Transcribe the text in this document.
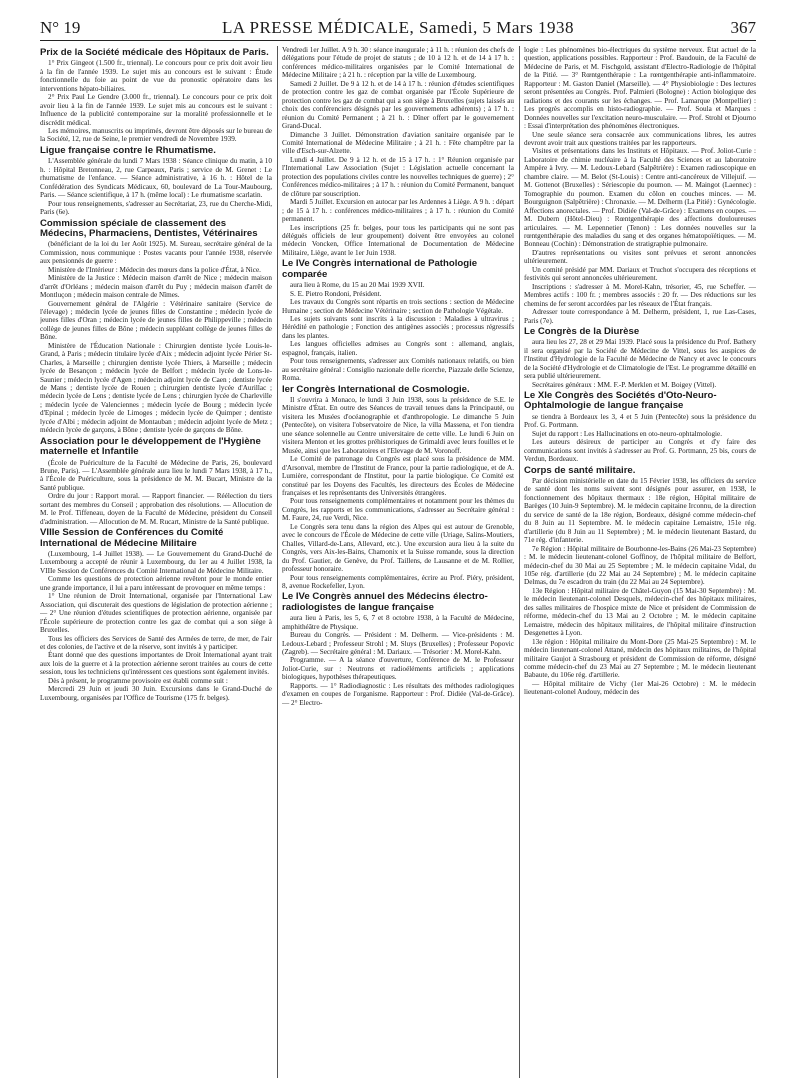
N° 19	LA PRESSE MÉDICALE, Samedi, 5 Mars 1938	367
Prix de la Société médicale des Hôpitaux de Paris.

1° Prix Gingeot (1.500 fr., triennal). Le concours pour ce prix doit avoir lieu à la fin de l'année 1939. Le sujet mis au concours est le suivant : Étude fonctionnelle du foie au point de vue du pronostic opératoire dans les interventions hépato-biliaires.

2° Prix Paul Le Gendre (3.000 fr., triennal). Le concours pour ce prix doit avoir lieu à la fin de l'année 1939. Le sujet mis au concours est le suivant : Influence de la publicité contemporaine sur la moralité professionnelle et le discrédit médical.

Les mémoires, manuscrits ou imprimés, devront être déposés sur le bureau de la Société, 12, rue de Seine, le premier vendredi de Novembre 1939.

Ligue française contre le Rhumatisme.

L'Assemblée générale du lundi 7 Mars 1938 : Séance clinique du matin, à 10 h. : Hôpital Bretonneau, 2, rue Carpeaux, Paris ; service de M. Grenet : Le rhumatisme de l'enfance. — Séance administrative, à 16 h. : Hôtel de la Confédération des Syndicats Médicaux, 60, boulevard de La Tour-Maubourg, Paris. — Séance scientifique, à 17 h. (même local) : Le rhumatisme scarlatin.

Pour tous renseignements, s'adresser au Secrétariat, 23, rue du Cherche-Midi, Paris (6e).

Commission spéciale de classement des Médecins, Pharmaciens, Dentistes, Vétérinaires

(bénéficiant de la loi du 1er Août 1925). M. Sureau, secrétaire général de la Commission, nous communique : Postes vacants pour l'année 1938, réservée aux pensionnés de guerre :

Ministère de l'Intérieur : Médecin des mœurs dans la police d'État, à Nice.

Ministère de la Justice : Médecin maison d'arrêt de Nice ; médecin maison d'arrêt d'Orléans ; médecin maison d'arrêt du Puy ; médecin maison d'arrêt de Montluçon ; médecin maison centrale de Nîmes.

Gouvernement général de l'Algérie : Vétérinaire sanitaire (Service de l'élevage) ; médecin lycée de jeunes filles de Constantine ; médecin lycée de jeunes filles d'Oran ; médecin lycée de jeunes filles de Philippeville ; médecin collège de jeunes filles de Bône ; médecin suppléant collège de jeunes filles de Bône.

Ministère de l'Éducation Nationale : Chirurgien dentiste lycée Louis-le-Grand, à Paris ; médecin titulaire lycée d'Aix ; médecin adjoint lycée Périer St-Charles, à Marseille ; chirurgien dentiste lycée Thiers, à Marseille ; médecin lycée de Besançon ; médecin lycée de Belfort ; médecin lycée de Lons-le-Saunier ; médecin lycée d'Agen ; médecin adjoint lycée de Caen ; dentiste lycée de Mans ; dentiste lycée de Rouen ; chirurgien dentiste lycée d'Aurillac ; médecin lycée de Lens ; dentiste lycée de Lens ; chirurgien lycée de Charleville ; médecin lycée de Valenciennes ; médecin lycée de Bourg ; médecin lycée d'Epinal ; médecin lycée de Limoges ; médecin lycée de Quimper ; dentiste lycée d'Albi ; médecin adjoint de Montauban ; médecin adjoint lycée de Metz ; médecin lycée de garçons, à Bône ; dentiste lycée de garçons de Bône.

Association pour le développement de l'Hygiène maternelle et Infantile

(École de Puériculture de la Faculté de Médecine de Paris, 26, boulevard Brune, Paris). — L'Assemblée générale aura lieu le lundi 7 Mars 1938, à 17 h., à l'École de Puériculture, sous la présidence de M. M. Bucart, Ministre de la Santé publique.

Ordre du jour : Rapport moral. — Rapport financier. — Réélection du tiers sortant des membres du Conseil ; approbation des résolutions. — Allocution de M. le Prof. Tiffeneau, doyen de la Faculté de Médecine, président du Conseil d'administration. — Allocution de M. M. Rucart, Ministre de la Santé publique.

VIIIe Session de Conférences du Comité International de Médecine Militaire

(Luxembourg, 1-4 Juillet 1938). — Le Gouvernement du Grand-Duché de Luxembourg a accepté de réunir à Luxembourg, du 1er au 4 Juillet 1938, la VIIIe Session de Conférences du Comité International de Médecine Militaire.

Comme les questions de protection aérienne revêtent pour le monde entier une grande importance, il lui a paru intéressant de provoquer en même temps :

1° Une réunion de Droit International, organisée par l'International Law Association, qui discuterait des questions de législation de protection aérienne ; — 2° Une réunion d'études scientifiques de protection aérienne, organisée par l'École supérieure de protection contre les gaz de combat qui a son siège à Bruxelles.

Tous les officiers des Services de Santé des Armées de terre, de mer, de l'air et des colonies, de l'active et de la réserve, sont invités à y participer.

Étant donné que des questions importantes de Droit International ayant trait aux lois de la guerre et à la protection aérienne seront traitées au cours de cette session, tous les techniciens qu'intéressent ces questions sont également invités.

Dès à présent, le programme provisoire est établi comme suit :

Mercredi 29 Juin et jeudi 30 Juin. Excursions dans le Grand-Duché de Luxembourg, organisées par l'Office de Tourisme (175 fr. belges).

Vendredi 1er Juillet. A 9 h. 30 : séance inaugurale ; à 11 h. : réunion des chefs de délégations pour l'étude de projet de statuts ; de 10 à 12 h. et de 14 à 17 h. : conférences médico-militaires organisées par le Comité International de Médecine Militaire ; à 21 h. : réception par la ville de Luxembourg.

Samedi 2 Juillet. De 9 à 12 h. et de 14 à 17 h. : réunion d'études scientifiques de protection contre les gaz de combat organisée par l'École Supérieure de protection contre les gaz de combat qui a son siège à Bruxelles (sujets laissés au choix des conférenciers désignés par les gouvernements adhérents) ; à 17 h. : réunion du Comité Permanent ; à 21 h. : Dîner offert par le gouvernement Grand-Ducal.

Dimanche 3 Juillet. Démonstration d'aviation sanitaire organisée par le Comité International de Médecine Militaire ; à 21 h. : Fête champêtre par la ville d'Esch-sur-Alzette.

Lundi 4 Juillet. De 9 à 12 h. et de 15 à 17 h. : 1° Réunion organisée par l'International Law Association (Sujet : Législation actuelle concernant la protection des populations civiles contre les nouvelles techniques de guerre) ; 2° Conférences médico-militaires ; à 17 h. : réunion du Comité Permanent, banquet de clôture par souscription.

Mardi 5 Juillet. Excursion en autocar par les Ardennes à Liège. A 9 h. : départ ; de 15 à 17 h. : conférences médico-militaires ; à 17 h. : réunion du Comité permanent.

Les inscriptions (25 fr. belges, pour tous les participants qui ne sont pas délégués officiels de leur groupement) doivent être envoyées au colonel médecin Voncken, Office International de Documentation de Médecine Militaire, Liège, avant le 1er Juin 1938.

Le IVe Congrès international de Pathologie comparée

aura lieu à Rome, du 15 au 20 Mai 1939 XVII.

S. E. Pietro Rondoni, Président.

Les travaux du Congrès sont répartis en trois sections : section de Médecine Humaine ; section de Médecine Vétérinaire ; section de Pathologie Végétale.

Les sujets suivants sont inscrits à la discussion : Maladies à ultravirus ; Hérédité en pathologie ; Fonction des antigènes associés ; processus régressifs dans les plantes.

Les langues officielles admises au Congrès sont : allemand, anglais, espagnol, français, italien.

Pour tous renseignements, s'adresser aux Comités nationaux relatifs, ou bien au secrétaire général : Consiglio nazionale delle ricerche, Piazzale delle Scienze, Roma.

Ier Congrès International de Cosmologie.

Il s'ouvrira à Monaco, le lundi 3 Juin 1938, sous la présidence de S.E. le Ministre d'État. En outre des Séances de travail tenues dans la Principauté, ou visitera les Musées d'océanographie et d'anthropologie. Le dimanche 5 Juin (Pentecôte), on visitera l'observatoire de Nice, la villa Massena, et l'on tiendra une séance solennelle au Centre universitaire de cette ville. Le lundi 6 Juin on visitera Menton et les grottes préhistoriques de Grimaldi avec leurs fouilles et le Musée, ainsi que les Laboratoires et l'Elevage de M. Voronoff.

Le Comité de patronage du Congrès est placé sous la présidence de MM. d'Arsonval, membre de l'Institut de France, pour la partie radiologique, et de A. Lumière, correspondant de l'Institut, pour la partie biologique. Ce Comité est constitué par les Doyens des Facultés, les directeurs des Écoles de Médecine françaises et les représentants des Universités étrangères.

Pour tous renseignements complémentaires et notamment pour les thèmes du Congrès, les rapports et les communications, s'adresser au Secrétaire général : M. Faure, 24, rue Verdi, Nice.

Le Congrès sera tenu dans la région des Alpes qui est autour de Grenoble, avec le concours de l'École de Médecine de cette ville (Uriage, Salins-Moutiers, Challes, Villard-de-Lans, Allevard, etc.). Une excursion aura lieu à la suite du Congrès, vers Aix-les-Bains, Chamonix et la Suisse romande, sous la direction du Prof. Gautier, de Genève, du Prof. Taillens, de Lausanne et de M. Rollier, professeur honoraire.

Pour tous renseignements complémentaires, écrire au Prof. Piéry, président, 8, avenue Rockefeller, Lyon.

Le IVe Congrès annuel des Médecins électro-radiologistes de langue française

aura lieu à Paris, les 5, 6, 7 et 8 octobre 1938, à la Faculté de Médecine, amphithéâtre de Physique.

Bureau du Congrès. — Président : M. Delherm. — Vice-présidents : M. Ledoux-Lebard ; Professeur Strohl ; M. Sluys (Bruxelles) ; Professeur Popovic (Zagreb). — Secrétaire général : M. Dariaux. — Trésorier : M. Morel-Kahn.

Programme. — A la séance d'ouverture, Conférence de M. le Professeur Joliot-Curie, sur : Neutrons et radioéléments artificiels ; applications biologiques, hypothèses thérapeutiques.

Rapports. — 1° Radiodiagnostic : Les résultats des méthodes radiologiques d'examen en coupes de l'organisme. Rapporteur : Prof. Didiée (Val-de-Grâce). — 2° Electro-

logie : Les phénomènes bio-électriques du système nerveux. État actuel de la question, applications possibles. Rapporteur : Prof. Baudouin, de la Faculté de Médecine de Paris, et M. Fischgold, assistant d'Electro-Radiologie de l'hôpital de la Pitié. — 3° Rœntgenthérapie : La rœntgenthérapie anti-inflammatoire. Rapporteur : M. Gaston Daniel (Marseille). — 4° Physiobiologie : Des lectures seront présentées au Congrès. Prof. Palmieri (Bologne) : Action biologique des radiations et des courants sur les échanges. — Prof. Lamarque (Montpellier) : Les progrès accomplis en histo-radiographie. — Prof. Soula et Marques : Données nouvelles sur l'excitation neuro-musculaire. — Prof. Strohl et Djourno : Essai d'interprétation des phénomènes électroniques.

Une seule séance sera consacrée aux communications libres, les autres devront avoir trait aux questions traitées par les rapporteurs.

Visites et présentations dans les Instituts et Hôpitaux. — Prof. Joliot-Curie : Laboratoire de chimie nucléaire à la Faculté des Sciences et au laboratoire Ampère à Ivry. — M. Ledoux-Lebard (Salpêtrière) : Examen radioscopique en chambre claire. — M. Belot (St-Louis) : Centre anti-cancéreux de Villejuif. — M. Gottenot (Bruxelles) : Sériescopie du poumon. — M. Maingot (Laennec) : Tomographie du poumon. Examen du côlon en couches minces. — M. Bourguignon (Salpêtrière) : Chronaxie. — M. Delherm (La Pitié) : Gynécologie. Affections anorectales. — Prof. Didiée (Val-de-Grâce) : Examens en coupes. — M. Dubern (Hôtel-Dieu) : Rœntgenthérapie des affections douloureuses articulaires. — M. Lepennetier (Tenon) : Les données nouvelles sur la rœntgenthérapie des maladies du sang et des organes hématopoïétiques. — M. Bonneau (Cochin) : Démonstration de stratigraphie pulmonaire.

D'autres représentations ou visites sont prévues et seront annoncées ultérieurement.

Un comité présidé par MM. Dariaux et Truchot s'occupera des réceptions et festivités qui seront annoncées ultérieurement.

Inscriptions : s'adresser à M. Morel-Kahn, trésorier, 45, rue Scheffer. — Membres actifs : 100 fr. ; membres associés : 20 fr. — Des réductions sur les chemins de fer seront accordées par les réseaux de l'État français.

Adresser toute correspondance à M. Delherm, président, 1, rue Las-Cases, Paris (7e).

Le Congrès de la Diurèse

aura lieu les 27, 28 et 29 Mai 1939. Placé sous la présidence du Prof. Bathery il sera organisé par la Société de Médecine de Vittel, sous les auspices de l'Institut d'Hydrologie de la Faculté de Médecine de Nancy et avec le concours de la Société d'Hydrologie et de Climatologie de l'Est. Le programme détaillé en sera publié ultérieurement.

Secrétaires généraux : MM. F.-P. Merklen et M. Boigey (Vittel).

Le XIe Congrès des Sociétés d'Oto-Neuro-Ophtalmologie de langue française

se tiendra à Bordeaux les 3, 4 et 5 Juin (Pentecôte) sous la présidence du Prof. G. Portmann.

Sujet du rapport : Les Hallucinations en oto-neuro-ophtalmologie.

Les auteurs désireux de participer au Congrès et d'y faire des communications sont invités à s'adresser au Prof. G. Portmann, 25 bis, cours de Verdun, Bordeaux.

Corps de santé militaire.

Par décision ministérielle en date du 15 Février 1938, les officiers du service de santé dont les noms suivent sont désignés pour assurer, en 1938, le fonctionnement des hôpitaux thermaux : 18e région, Hôpital militaire de Barèges (10 Juin-9 Septembre). M. le médecin capitaine Irconnu, de la direction du service de santé de la 18e région, Bordeaux, désigné comme médecin-chef du 8 Juin au 11 Septembre. M. le médecin capitaine Lemaistre, 151e rég. d'artillerie (du 8 Juin au 11 Septembre) ; M. le médecin lieutenant Bastard, du 71e rég. d'infanterie.

7e Région : Hôpital militaire de Bourbonne-les-Bains (26 Mai-23 Septembre) : M. le médecin lieutenant-colonel Goffinoy, de l'hôpital militaire de Belfort, médecin-chef du 30 Mai au 25 Septembre ; M. le médecin capitaine Vidal, du 105e rég. d'artillerie (du 22 Mai au 24 Septembre) ; M. le médecin capitaine Delmas, du 7e escadron du train (du 22 Mai au 24 Septembre).

13e Région : Hôpital militaire de Châtel-Guyon (15 Mai-30 Septembre) : M. le médecin lieutenant-colonel Desquels, médecin-chef des hôpitaux militaires, des salles militaires de l'hospice mixte de Nice et président de Commission de réforme, médecin-chef du 13 Mai au 2 Octobre ; M. le médecin capitaine Lemaistre, médecin des hôpitaux militaires, de l'hôpital militaire d'instruction Desgenettes à Lyon.

13e région : Hôpital militaire du Mont-Dore (25 Mai-25 Septembre) : M. le médecin lieutenant-colonel Attané, médecin des hôpitaux militaires, de l'hôpital militaire Gaujot à Strasbourg et président de Commission de réforme, désigné comme médecin-chef du 23 Mai au 27 Septembre ; M. le médecin lieutenant Babaute, du 106e rég. d'artillerie.

— Hôpital militaire de Vichy (1er Mai-26 Octobre) : M. le médecin lieutenant-colonel Audouy, médecin des
